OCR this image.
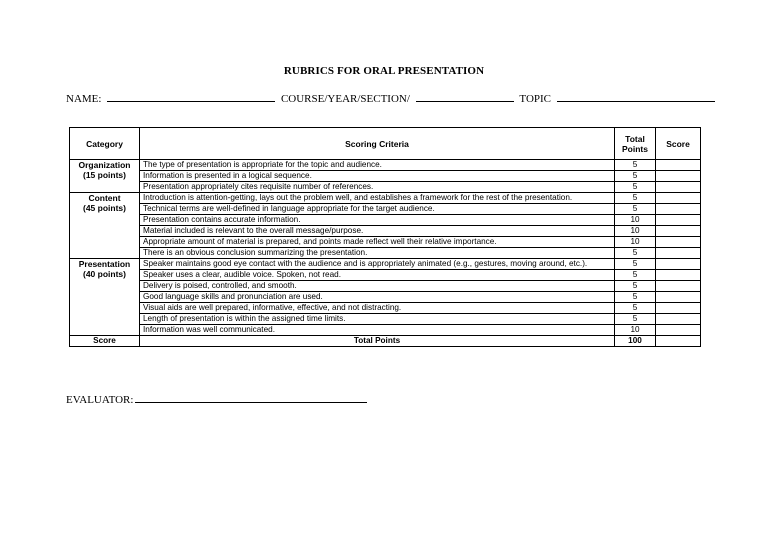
RUBRICS FOR ORAL PRESENTATION
NAME:	COURSE/YEAR/SECTION/	TOPIC
Category	Scoring Criteria	Total Points	Score

Organization
(15 points)	The type of presentation is appropriate for the topic and audience.	5	
	Information is presented in a logical sequence.	5	
	Presentation appropriately cites requisite number of references.	5	

Content
(45 points)	Introduction is attention-getting, lays out the problem well, and establishes a framework for the rest of the presentation.	5	
	Technical terms are well-defined in language appropriate for the target audience.	5	
	Presentation contains accurate information.	10	
	Material included is relevant to the overall message/purpose.	10	
	Appropriate amount of material is prepared, and points made reflect well their relative importance.	10	
	There is an obvious conclusion summarizing the presentation.	5	

Presentation
(40 points)	Speaker maintains good eye contact with the audience and is appropriately animated (e.g., gestures, moving around, etc.).	5	
	Speaker uses a clear, audible voice. Spoken, not read.	5	
	Delivery is poised, controlled, and smooth.	5	
	Good language skills and pronunciation are used.	5	
	Visual aids are well prepared, informative, effective, and not distracting.	5	
	Length of presentation is within the assigned time limits.	5	
	Information was well communicated.	10	
Score	Total Points	100	
EVALUATOR:
